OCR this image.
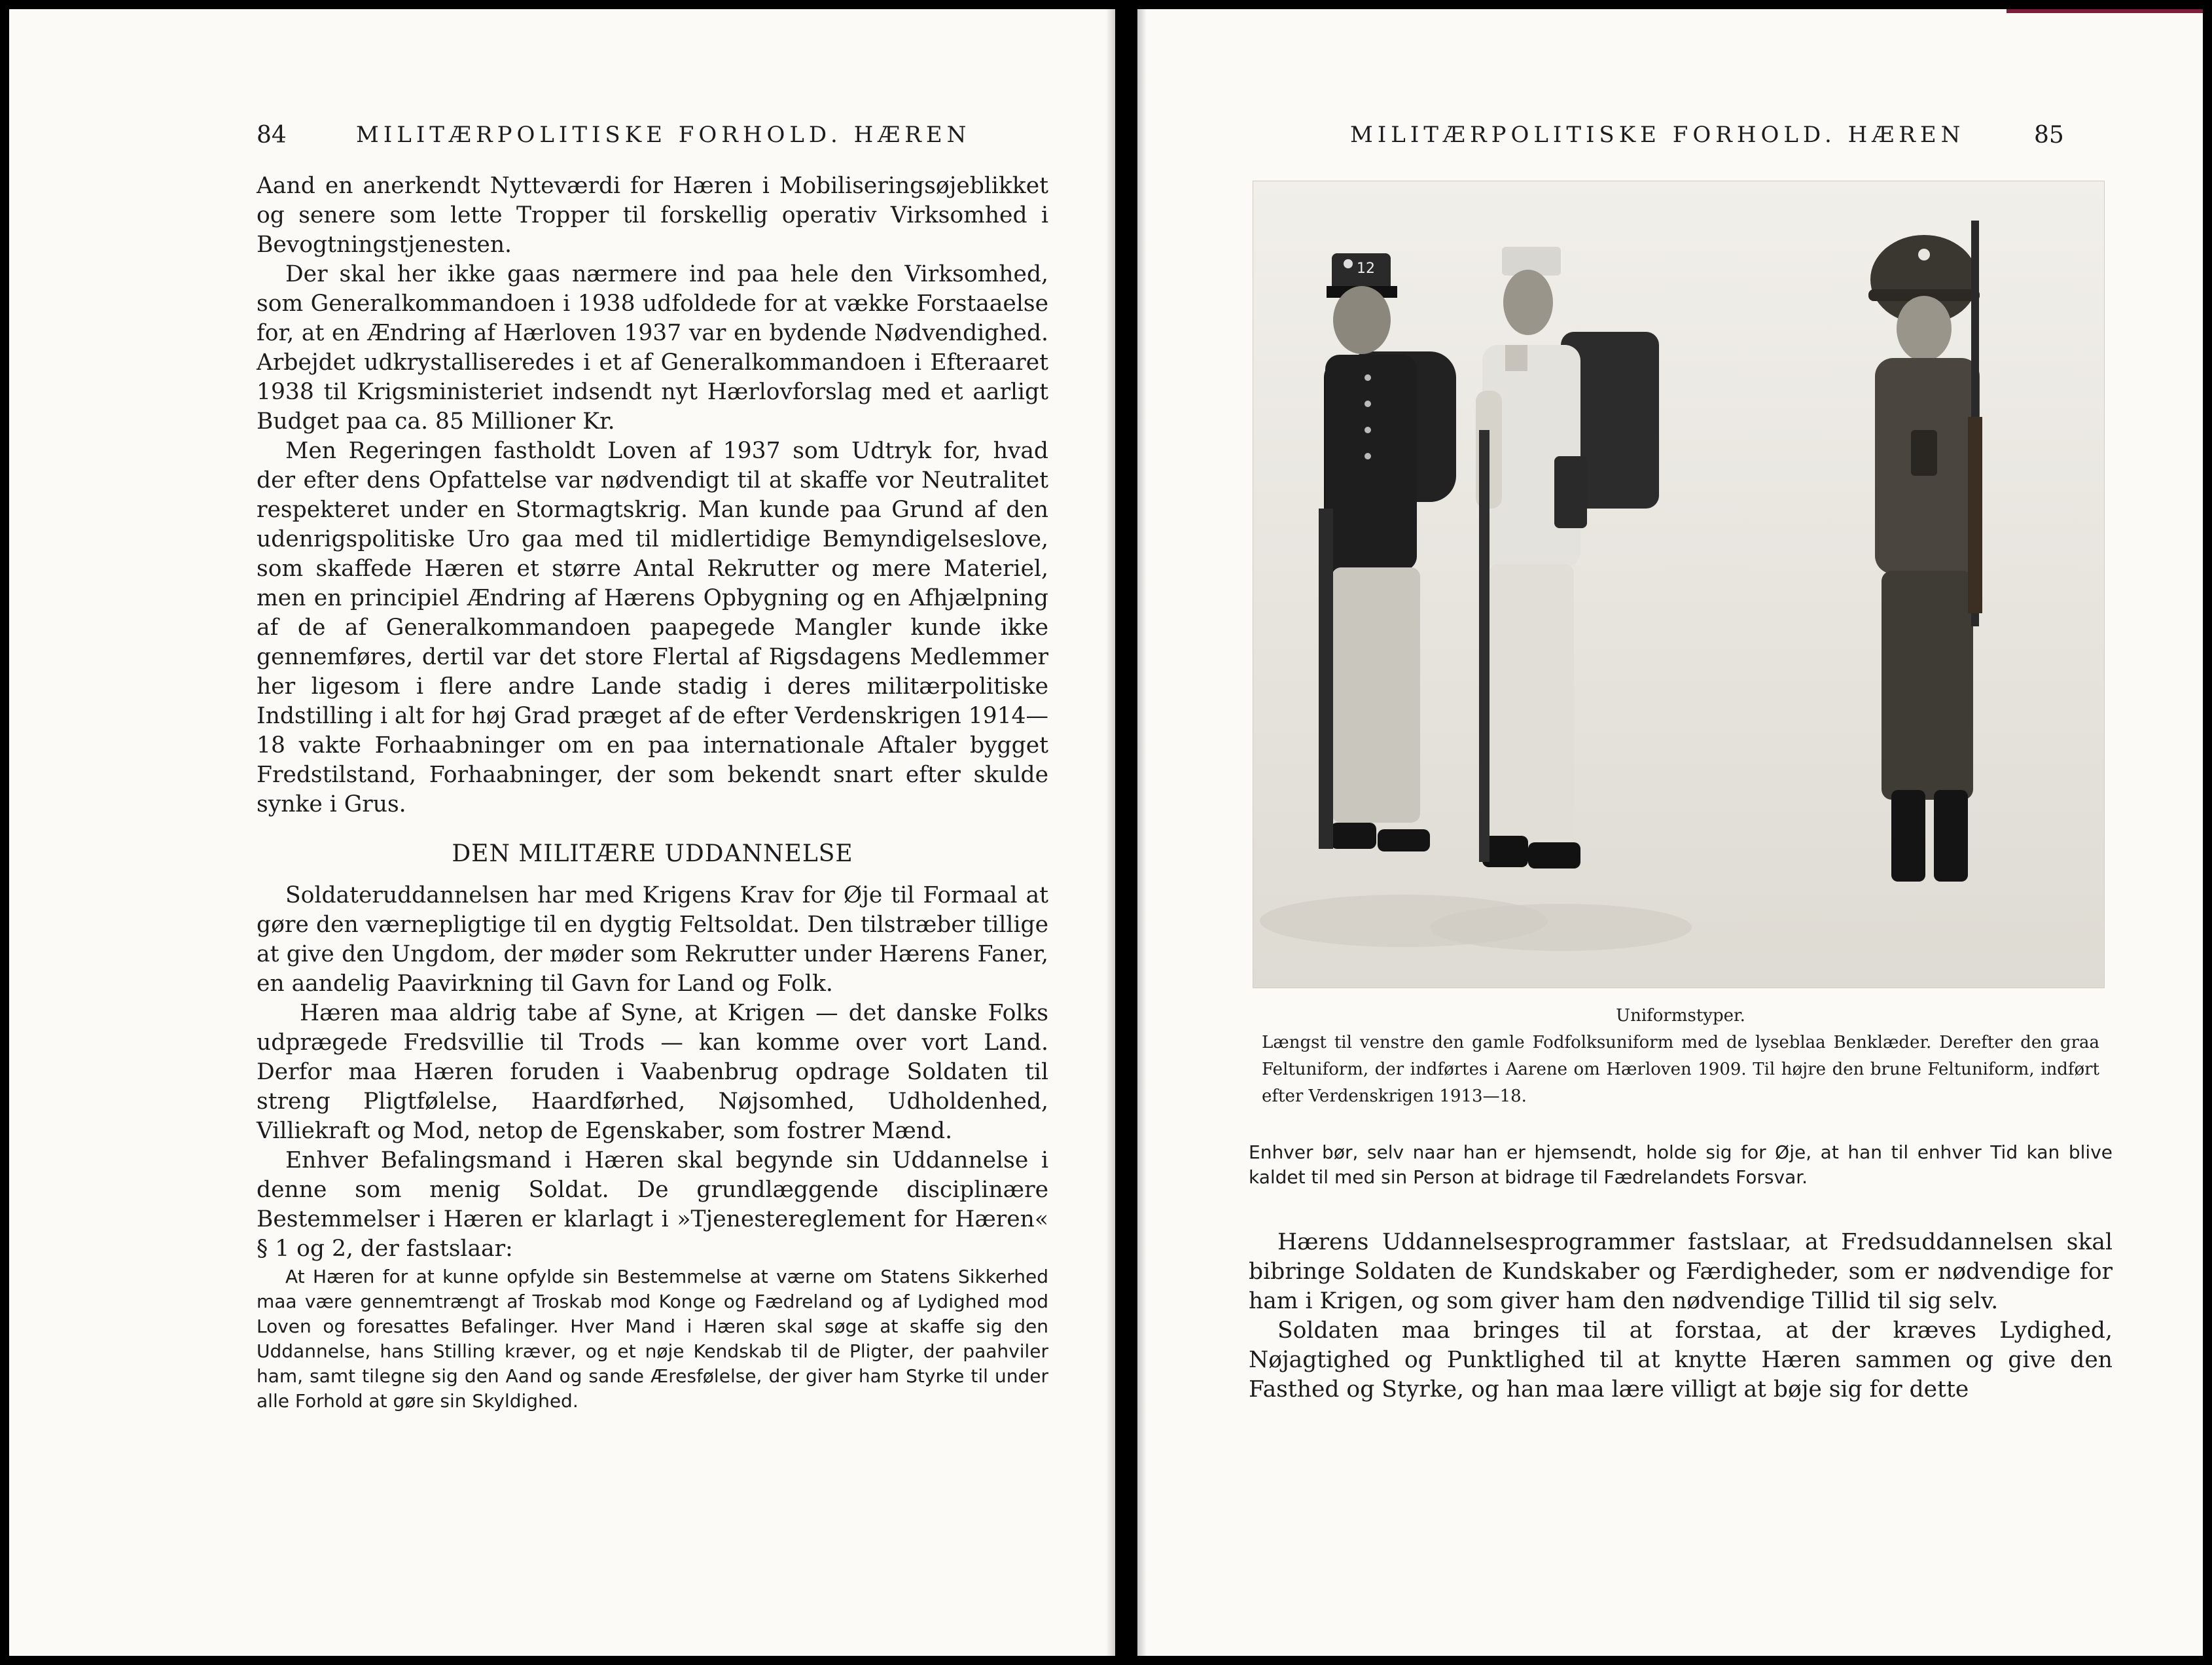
84	MILITÆRPOLITISKE FORHOLD. HÆREN

Aand en anerkendt Nytteværdi for Hæren i Mobiliseringsøjeblikket og senere som lette Tropper til forskellig operativ Virksomhed i Bevogtningstjenesten.

Der skal her ikke gaas nærmere ind paa hele den Virksomhed, som Generalkommandoen i 1938 udfoldede for at vække Forstaaelse for, at en Ændring af Hærloven 1937 var en bydende Nødvendighed. Arbejdet udkrystalliseredes i et af Generalkommandoen i Efteraaret 1938 til Krigsministeriet indsendt nyt Hærlovforslag med et aarligt Budget paa ca. 85 Millioner Kr.

Men Regeringen fastholdt Loven af 1937 som Udtryk for, hvad der efter dens Opfattelse var nødvendigt til at skaffe vor Neutralitet respekteret under en Stormagtskrig. Man kunde paa Grund af den udenrigspolitiske Uro gaa med til midlertidige Bemyndigelseslove, som skaffede Hæren et større Antal Rekrutter og mere Materiel, men en principiel Ændring af Hærens Opbygning og en Afhjælpning af de af Generalkommandoen paapegede Mangler kunde ikke gennemføres, dertil var det store Flertal af Rigsdagens Medlemmer her ligesom i flere andre Lande stadig i deres militærpolitiske Indstilling i alt for høj Grad præget af de efter Verdenskrigen 1914—18 vakte Forhaabninger om en paa internationale Aftaler bygget Fredstilstand, Forhaabninger, der som bekendt snart efter skulde synke i Grus.

DEN MILITÆRE UDDANNELSE

Soldateruddannelsen har med Krigens Krav for Øje til Formaal at gøre den værnepligtige til en dygtig Feltsoldat. Den tilstræber tillige at give den Ungdom, der møder som Rekrutter under Hærens Faner, en aandelig Paavirkning til Gavn for Land og Folk.

Hæren maa aldrig tabe af Syne, at Krigen — det danske Folks udprægede Fredsvillie til Trods — kan komme over vort Land. Derfor maa Hæren foruden i Vaabenbrug opdrage Soldaten til streng Pligtfølelse, Haardførhed, Nøjsomhed, Udholdenhed, Villiekraft og Mod, netop de Egenskaber, som fostrer Mænd.

Enhver Befalingsmand i Hæren skal begynde sin Uddannelse i denne som menig Soldat. De grundlæggende disciplinære Bestemmelser i Hæren er klarlagt i »Tjenestereglement for Hæren« § 1 og 2, der fastslaar:

At Hæren for at kunne opfylde sin Bestemmelse at værne om Statens Sikkerhed maa være gennemtrængt af Troskab mod Konge og Fædreland og af Lydighed mod Loven og foresattes Befalinger. Hver Mand i Hæren skal søge at skaffe sig den Uddannelse, hans Stilling kræver, og et nøje Kendskab til de Pligter, der paahviler ham, samt tilegne sig den Aand og sande Æresfølelse, der giver ham Styrke til under alle Forhold at gøre sin Skyldighed.

MILITÆRPOLITISKE FORHOLD. HÆREN	85
Uniformstyper.
Længst til venstre den gamle Fodfolksuniform med de lyseblaa Benklæder. Derefter den graa Feltuniform, der indførtes i Aarene om Hærloven 1909. Til højre den brune Feltuniform, indført efter Verdenskrigen 1913—18.

Enhver bør, selv naar han er hjemsendt, holde sig for Øje, at han til enhver Tid kan blive kaldet til med sin Person at bidrage til Fædrelandets Forsvar.

Hærens Uddannelsesprogrammer fastslaar, at Fredsuddannelsen skal bibringe Soldaten de Kundskaber og Færdigheder, som er nødvendige for ham i Krigen, og som giver ham den nødvendige Tillid til sig selv.

Soldaten maa bringes til at forstaa, at der kræves Lydighed, Nøjagtighed og Punktlighed til at knytte Hæren sammen og give den Fasthed og Styrke, og han maa lære villigt at bøje sig for dette

12
